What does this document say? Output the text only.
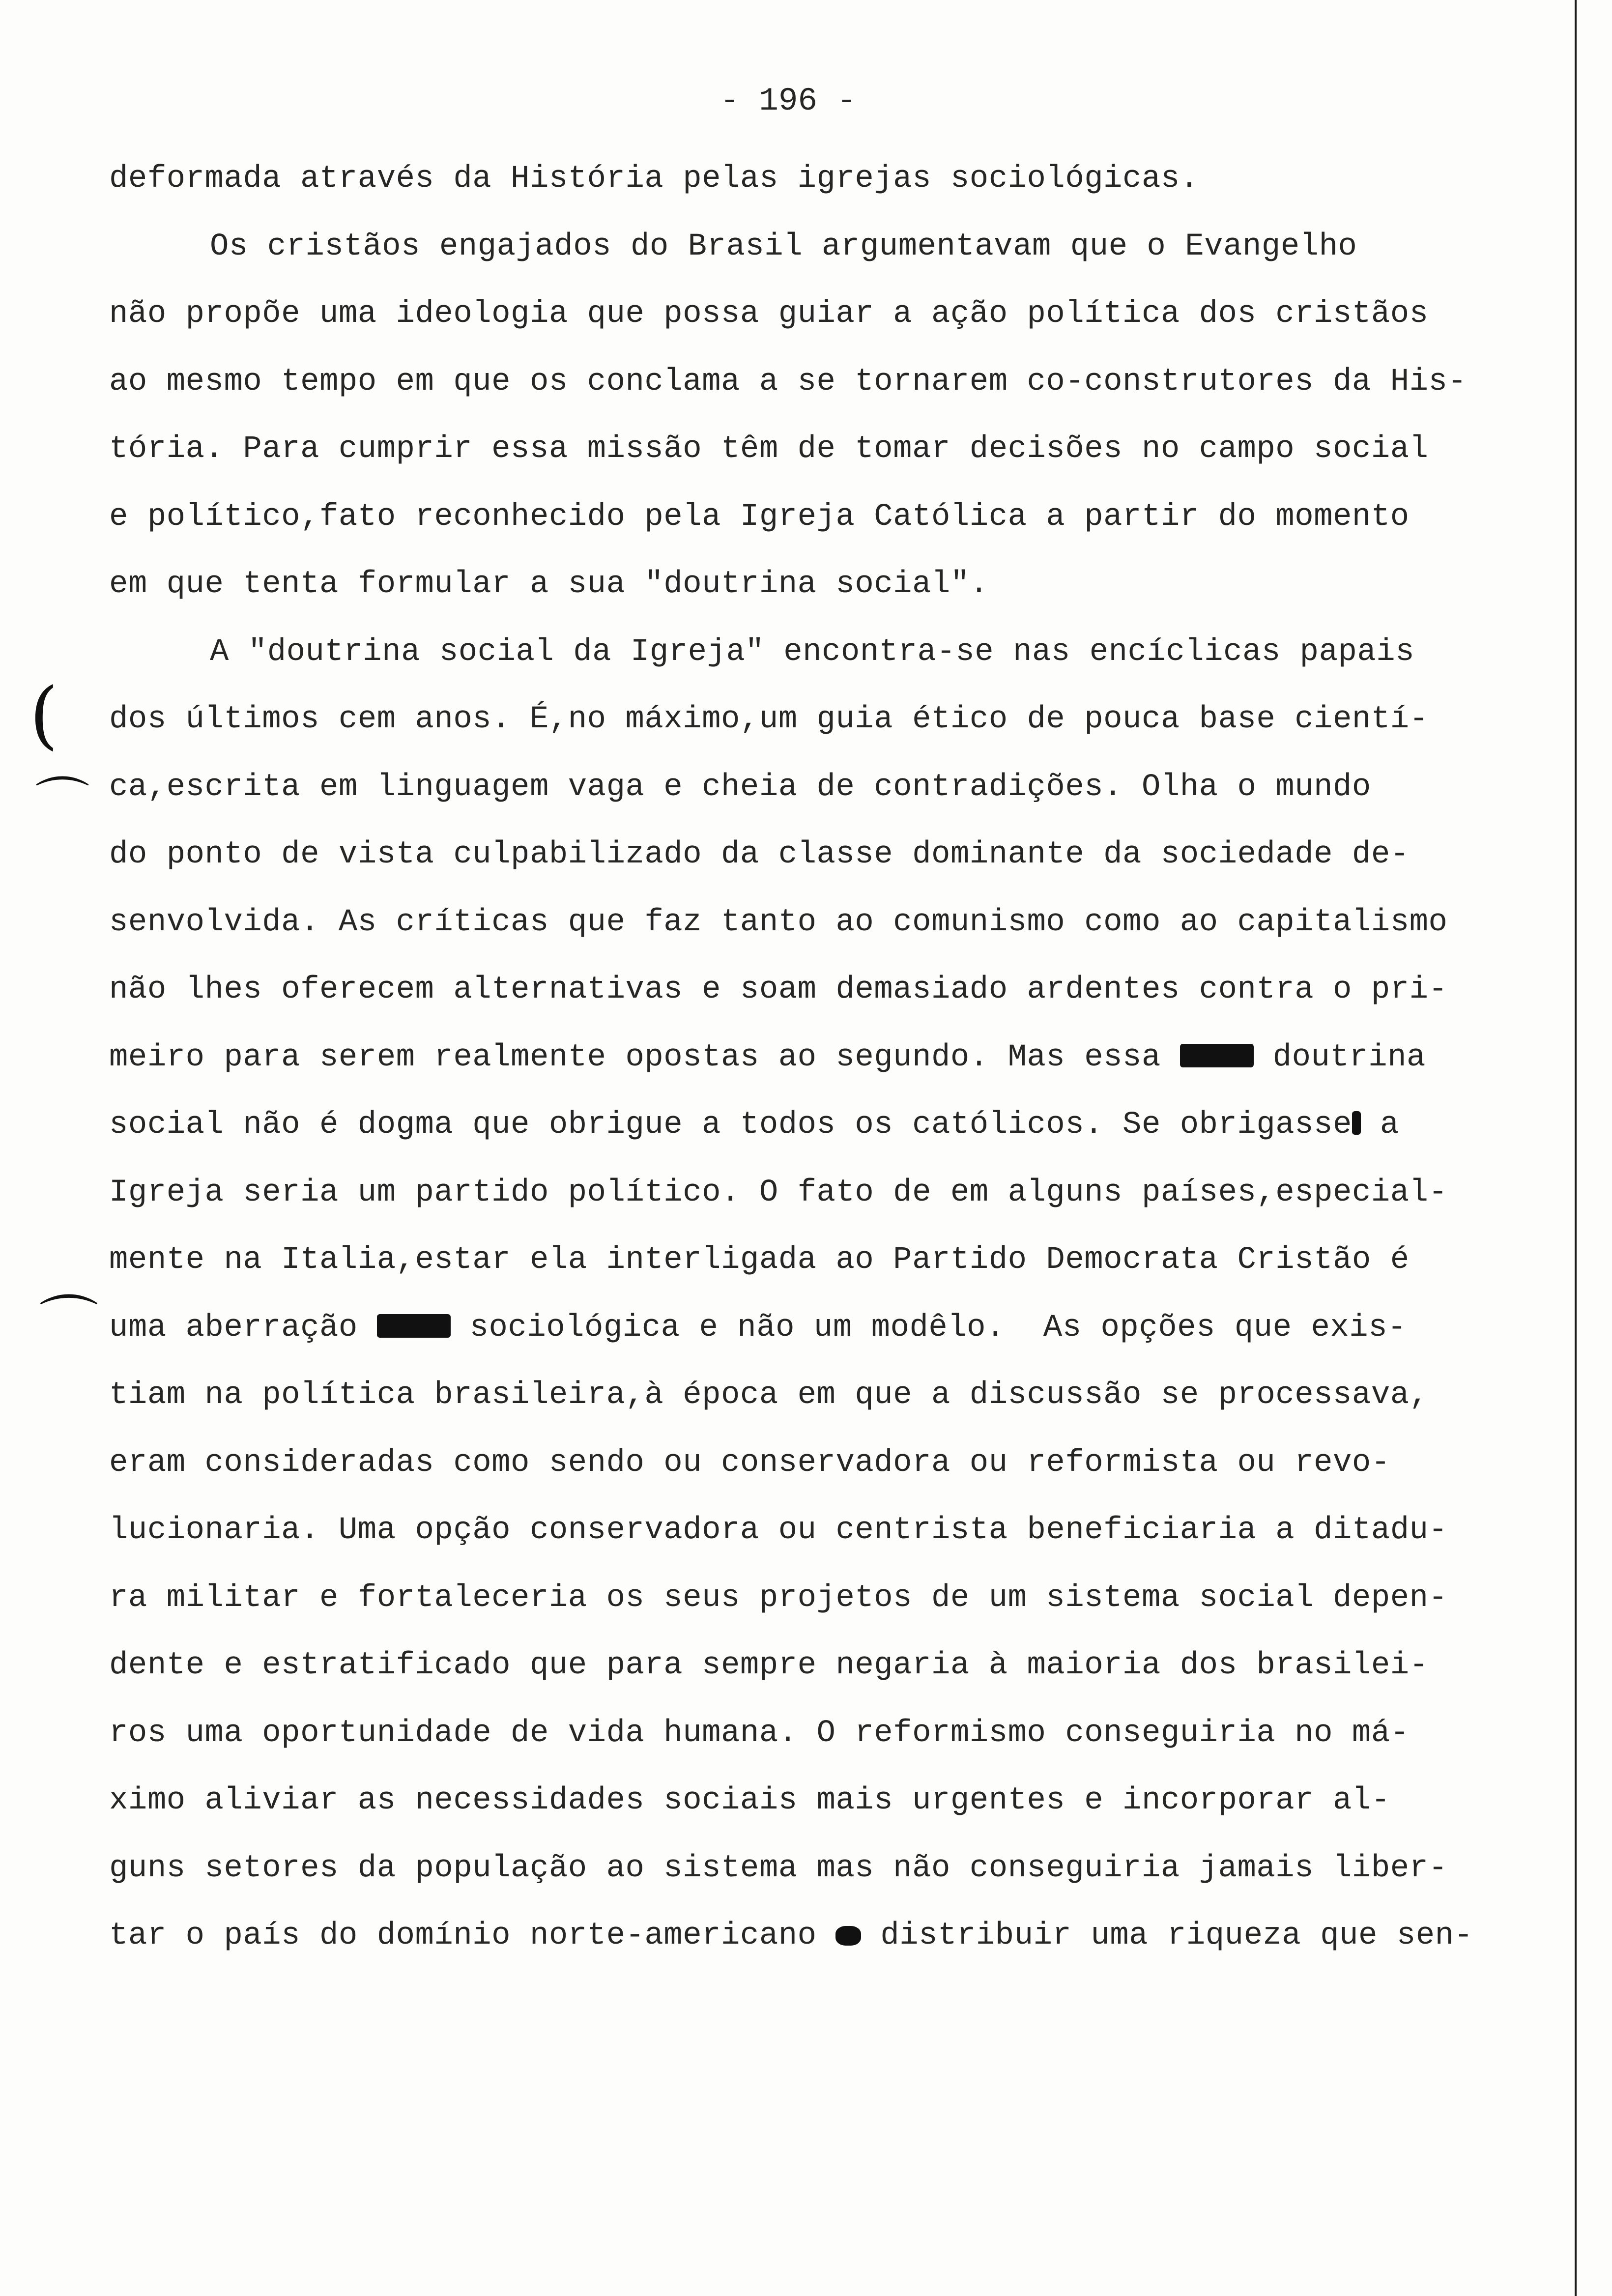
- 196 -
deformada através da História pelas igrejas sociológicas.
Os cristãos engajados do Brasil argumentavam que o Evangelho
não propõe uma ideologia que possa guiar a ação política dos cristãos
ao mesmo tempo em que os conclama a se tornarem co-construtores da His-
tória. Para cumprir essa missão têm de tomar decisões no campo social
e político,fato reconhecido pela Igreja Católica a partir do momento
em que tenta formular a sua "doutrina social".
A "doutrina social da Igreja" encontra-se nas encíclicas papais
dos últimos cem anos. É,no máximo,um guia ético de pouca base cientí-
ca,escrita em linguagem vaga e cheia de contradições. Olha o mundo
do ponto de vista culpabilizado da classe dominante da sociedade de-
senvolvida. As críticas que faz tanto ao comunismo como ao capitalismo
não lhes oferecem alternativas e soam demasiado ardentes contra o pri-
meiro para serem realmente opostas ao segundo. Mas essa	doutrina
social não é dogma que obrigue a todos os católicos. Se obrigasse a
Igreja seria um partido político. O fato de em alguns países,especial-
mente na Italia,estar ela interligada ao Partido Democrata Cristão é
uma aberração	sociológica e não um modêlo.  As opções que exis-
tiam na política brasileira,à época em que a discussão se processava,
eram consideradas como sendo ou conservadora ou reformista ou revo-
lucionaria. Uma opção conservadora ou centrista beneficiaria a ditadu-
ra militar e fortaleceria os seus projetos de um sistema social depen-
dente e estratificado que para sempre negaria à maioria dos brasilei-
ros uma oportunidade de vida humana. O reformismo conseguiria no má-
ximo aliviar as necessidades sociais mais urgentes e incorporar al-
guns setores da população ao sistema mas não conseguiria jamais liber-
tar o país do domínio norte-americano  distribuir uma riqueza que sen-
(
⌒
⌒
